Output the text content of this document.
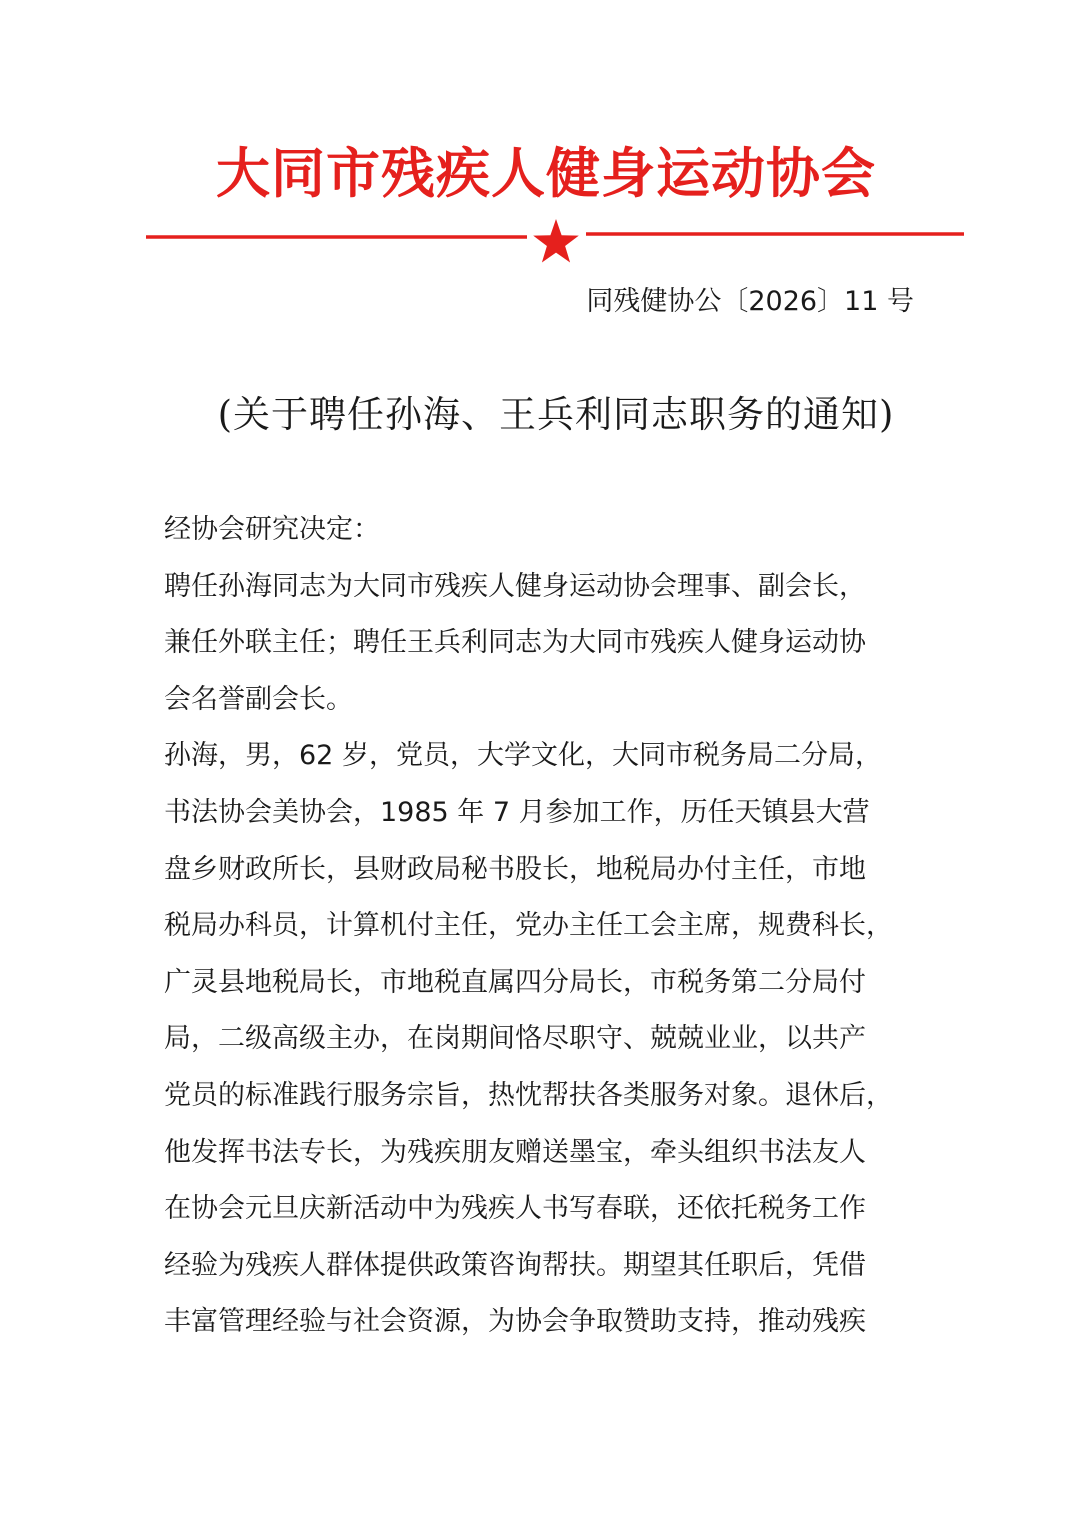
大同市残疾人健身运动协会
同残健协公〔2026〕11 号
(关于聘任孙海、王兵利同志职务的通知)
经协会研究决定：
聘任孙海同志为大同市残疾人健身运动协会理事、副会长，
兼任外联主任；聘任王兵利同志为大同市残疾人健身运动协
会名誉副会长。
孙海，男，62 岁，党员，大学文化，大同市税务局二分局，
书法协会美协会，1985 年 7 月参加工作，历任天镇县大营
盘乡财政所长，县财政局秘书股长，地税局办付主任，市地
税局办科员，计算机付主任，党办主任工会主席，规费科长，
广灵县地税局长，市地税直属四分局长，市税务第二分局付
局，二级高级主办，在岗期间恪尽职守、兢兢业业，以共产
党员的标准践行服务宗旨，热忱帮扶各类服务对象。退休后，
他发挥书法专长，为残疾朋友赠送墨宝，牵头组织书法友人
在协会元旦庆新活动中为残疾人书写春联，还依托税务工作
经验为残疾人群体提供政策咨询帮扶。期望其任职后，凭借
丰富管理经验与社会资源，为协会争取赞助支持，推动残疾
